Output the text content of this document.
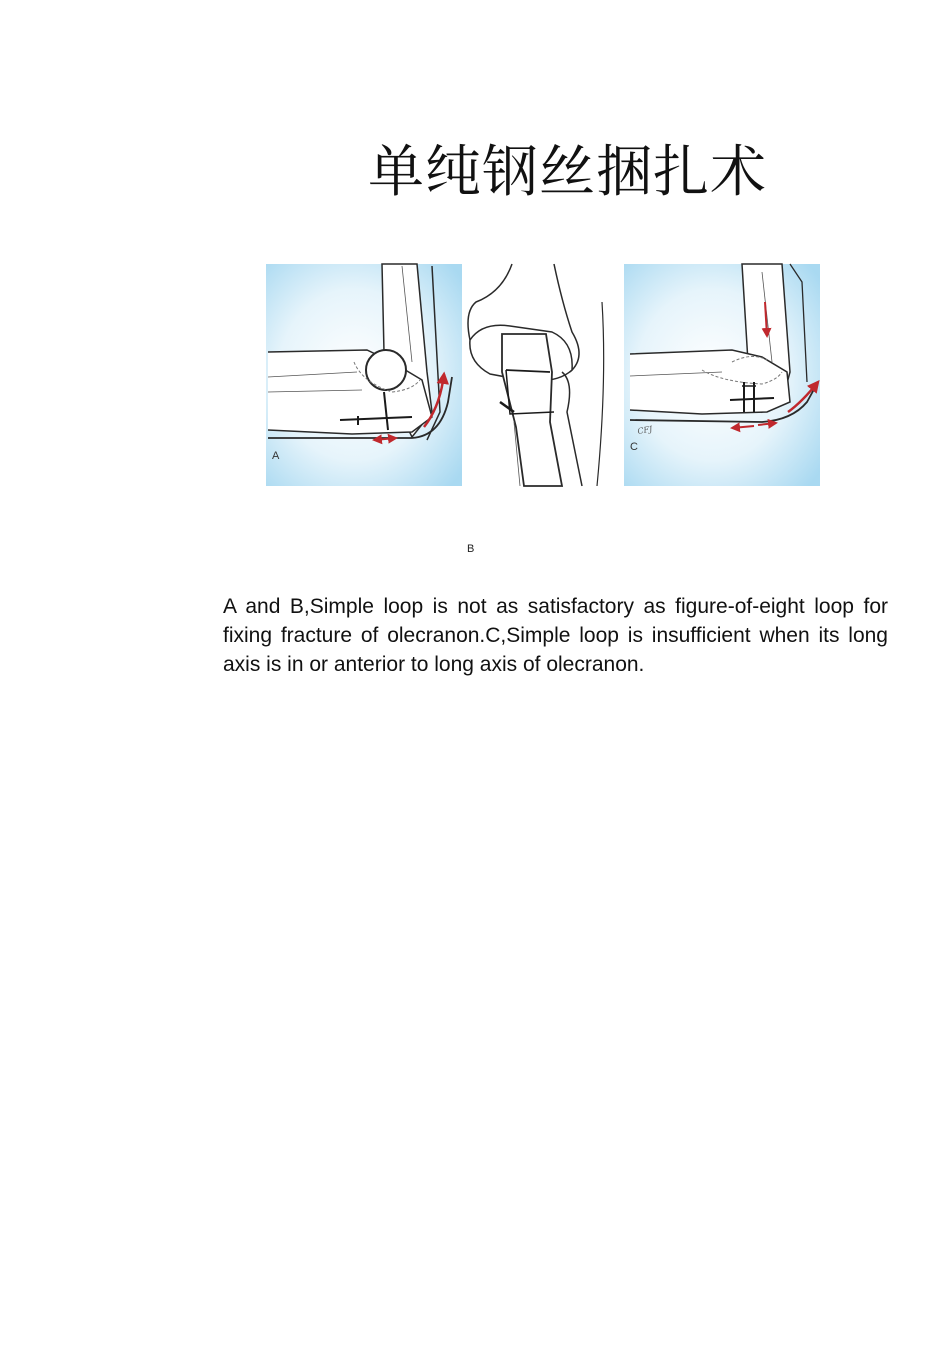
单纯钢丝捆扎术
A
C
CFJ
B
A and B,Simple loop is not as satisfactory as figure-of-eight loop for fixing fracture of olecranon.C,Simple loop is insufficient when its long axis is in or anterior to long axis of olecranon.
